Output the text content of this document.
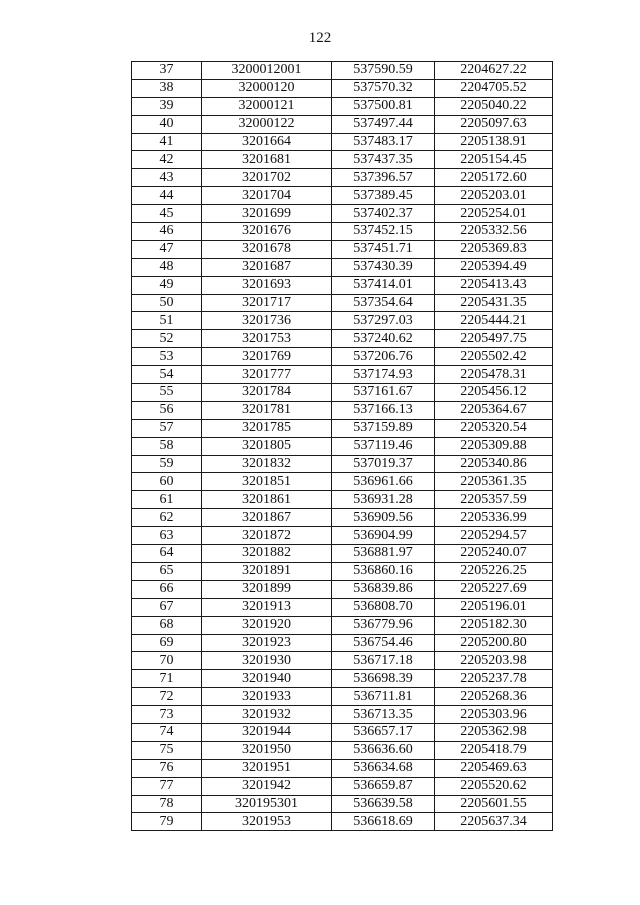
122
37	3200012001	537590.59	2204627.22
38	32000120	537570.32	2204705.52
39	32000121	537500.81	2205040.22
40	32000122	537497.44	2205097.63
41	3201664	537483.17	2205138.91
42	3201681	537437.35	2205154.45
43	3201702	537396.57	2205172.60
44	3201704	537389.45	2205203.01
45	3201699	537402.37	2205254.01
46	3201676	537452.15	2205332.56
47	3201678	537451.71	2205369.83
48	3201687	537430.39	2205394.49
49	3201693	537414.01	2205413.43
50	3201717	537354.64	2205431.35
51	3201736	537297.03	2205444.21
52	3201753	537240.62	2205497.75
53	3201769	537206.76	2205502.42
54	3201777	537174.93	2205478.31
55	3201784	537161.67	2205456.12
56	3201781	537166.13	2205364.67
57	3201785	537159.89	2205320.54
58	3201805	537119.46	2205309.88
59	3201832	537019.37	2205340.86
60	3201851	536961.66	2205361.35
61	3201861	536931.28	2205357.59
62	3201867	536909.56	2205336.99
63	3201872	536904.99	2205294.57
64	3201882	536881.97	2205240.07
65	3201891	536860.16	2205226.25
66	3201899	536839.86	2205227.69
67	3201913	536808.70	2205196.01
68	3201920	536779.96	2205182.30
69	3201923	536754.46	2205200.80
70	3201930	536717.18	2205203.98
71	3201940	536698.39	2205237.78
72	3201933	536711.81	2205268.36
73	3201932	536713.35	2205303.96
74	3201944	536657.17	2205362.98
75	3201950	536636.60	2205418.79
76	3201951	536634.68	2205469.63
77	3201942	536659.87	2205520.62
78	320195301	536639.58	2205601.55
79	3201953	536618.69	2205637.34
